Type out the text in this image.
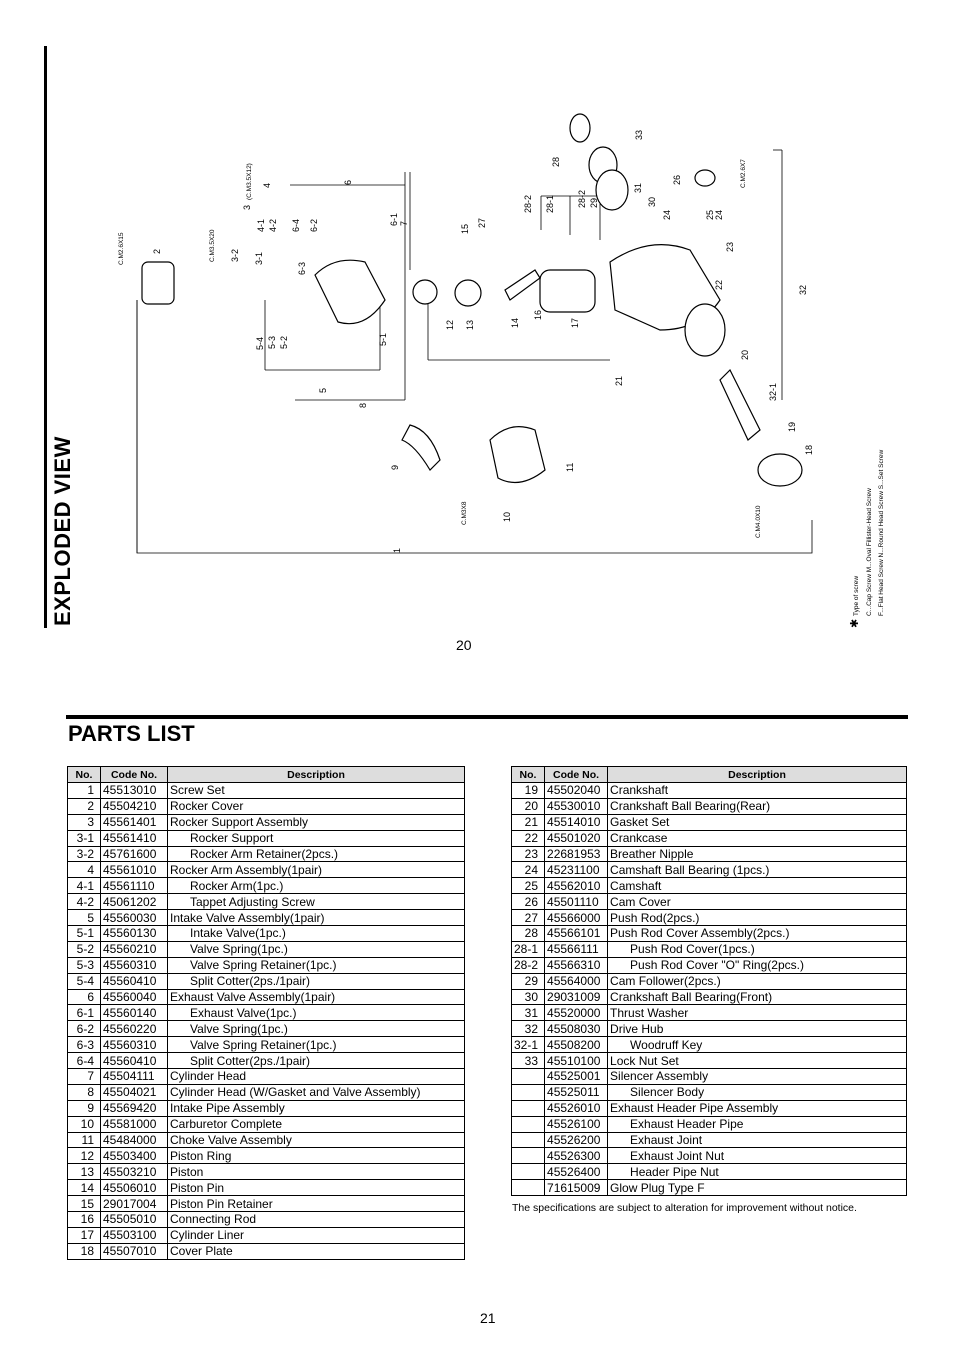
EXPLODED VIEW	1
2
3
3-1
3-2
4
4-1 4-2
5
5-1
5-2
5-3
5-4
6
6-1
6-2
6-3
6-4	7
8
9
10
11
12 13	14
15
16
17
18
19
20
21
22
23
24	25
26
27
28
28-1
28-2	28-2 29	30
31
32
32-1
33
24
C.M2.6X15	C.M3.5X20
(C.M3.5X12)	C.M2.6X7
C.M3X8	C.M4.0X10
✱
Type of screw C...Cap Screw M...Oval Fillister-Head Screw F...Flat Head Screw N...Round Head Screw S...Set Screw
20
PARTS LIST
No.	Code No.	Description
1	45513010	Screw Set
2	45504210	Rocker Cover
3	45561401	Rocker Support Assembly
3-1	45561410	Rocker Support
3-2	45761600	Rocker Arm Retainer(2pcs.)
4	45561010	Rocker Arm Assembly(1pair)
4-1	45561110	Rocker Arm(1pc.)
4-2	45061202	Tappet Adjusting Screw
5	45560030	Intake Valve Assembly(1pair)
5-1	45560130	Intake Valve(1pc.)
5-2	45560210	Valve Spring(1pc.)
5-3	45560310	Valve Spring Retainer(1pc.)
5-4	45560410	Split Cotter(2ps./1pair)
6	45560040	Exhaust Valve Assembly(1pair)
6-1	45560140	Exhaust Valve(1pc.)
6-2	45560220	Valve Spring(1pc.)
6-3	45560310	Valve Spring Retainer(1pc.)
6-4	45560410	Split Cotter(2ps./1pair)
7	45504111	Cylinder Head
8	45504021	Cylinder Head (W/Gasket and Valve Assembly)
9	45569420	Intake Pipe Assembly
10	45581000	Carburetor Complete
11	45484000	Choke Valve Assembly
12	45503400	Piston Ring
13	45503210	Piston
14	45506010	Piston Pin
15	29017004	Piston Pin Retainer
16	45505010	Connecting Rod
17	45503100	Cylinder Liner
18	45507010	Cover Plate
No.	Code No.	Description
19	45502040	Crankshaft
20	45530010	Crankshaft Ball Bearing(Rear)
21	45514010	Gasket Set
22	45501020	Crankcase
23	22681953	Breather Nipple
24	45231100	Camshaft Ball Bearing (1pcs.)
25	45562010	Camshaft
26	45501110	Cam Cover
27	45566000	Push Rod(2pcs.)
28	45566101	Push Rod Cover Assembly(2pcs.)
28-1	45566111	Push Rod Cover(1pcs.)
28-2	45566310	Push Rod Cover "O" Ring(2pcs.)
29	45564000	Cam Follower(2pcs.)
30	29031009	Crankshaft Ball Bearing(Front)
31	45520000	Thrust Washer
32	45508030	Drive Hub
32-1	45508200	Woodruff Key
33	45510100	Lock Nut Set
	45525001	Silencer Assembly
	45525011	Silencer Body
	45526010	Exhaust Header Pipe Assembly
	45526100	Exhaust Header Pipe
	45526200	Exhaust Joint
	45526300	Exhaust Joint Nut
	45526400	Header Pipe Nut
	71615009	Glow Plug Type F
The specifications are subject to alteration for improvement without notice.
21
